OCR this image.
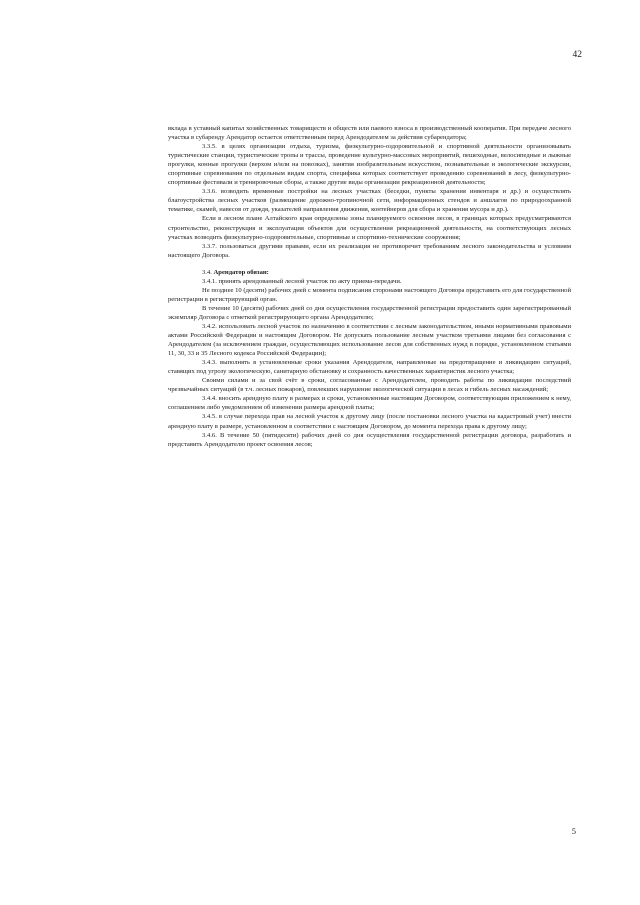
42

вклада в уставный капитал хозяйственных товариществ и обществ или паевого взноса в производственный кооператив. При передаче лесного участка в субаренду Арендатор остается ответственным перед Арендодателем за действия субарендатора;

3.3.5. в целях организации отдыха, туризма, физкультурно-оздоровительной и спортивной деятельности организовывать туристические станции, туристические тропы и трассы, проведение культурно-массовых мероприятий, пешеходные, велосипедные и лыжные прогулки, конные прогулки (верхом и/или на повозках), занятия изобразительным искусством, познавательные и экологические экскурсии, спортивные соревнования по отдельным видам спорта, специфика которых соответствует проведению соревнований в лесу, физкультурно-спортивные фестивали и тренировочные сборы, а также другие виды организации рекреационной деятельности;

3.3.6. возводить временные постройки на лесных участках (беседки, пункты хранения инвентаря и др.) и осуществлять благоустройства лесных участков (размещение дорожно-тропиночной сети, информационных стендов и аншлагов по природоохранной тематике, скамей, навесов от дождя, указателей направления движения, контейнеров для сбора и хранения мусора и др.).

Если в лесном плане Алтайского края определены зоны планируемого освоения лесов, в границах которых предусматриваются строительство, реконструкция и эксплуатация объектов для осуществления рекреационной деятельности, на соответствующих лесных участках возводить физкультурно-оздоровительные, спортивные и спортивно-технические сооружения;

3.3.7. пользоваться другими правами, если их реализация не противоречит требованиям лесного законодательства и условиям настоящего Договора.

3.4. Арендатор обязан:

3.4.1. принять арендованный лесной участок по акту приема-передачи.

Не позднее 10 (десяти) рабочих дней с момента подписания сторонами настоящего Договора представить его для государственной регистрации в регистрирующий орган.

В течение 10 (десяти) рабочих дней со дня осуществления государственной регистрации предоставить один зарегистрированный экземпляр Договора с отметкой регистрирующего органа Арендодателю;

3.4.2. использовать лесной участок по назначению в соответствии с лесным законодательством, иными нормативными правовыми актами Российской Федерации и настоящим Договором. Не допускать пользование лесным участком третьими лицами без согласования с Арендодателем (за исключением граждан, осуществляющих использование лесов для собственных нужд в порядке, установленном статьями 11, 30, 33 и 35 Лесного кодекса Российской Федерации);

3.4.3. выполнять в установленные сроки указания Арендодателя, направленные на предотвращение и ликвидацию ситуаций, ставящих под угрозу экологическую, санитарную обстановку и сохранность качественных характеристик лесного участка;

Своими силами и за свой счёт в сроки, согласованные с Арендодателем, проводить работы по ликвидации последствий чрезвычайных ситуаций (в т.ч. лесных пожаров), повлекших нарушение экологической ситуации в лесах и гибель лесных насаждений;

3.4.4. вносить арендную плату в размерах и сроки, установленные настоящим Договором, соответствующим приложением к нему, соглашением либо уведомлением об изменении размера арендной платы;

3.4.5. в случае перехода прав на лесной участок к другому лицу (после постановки лесного участка на кадастровый учет) внести арендную плату в размере, установленном в соответствии с настоящим Договором, до момента перехода права к другому лицу;

3.4.6. В течение 50 (пятидесяти) рабочих дней со дня осуществления государственной регистрации договора, разработать и представить Арендодателю проект освоения лесов;

5
